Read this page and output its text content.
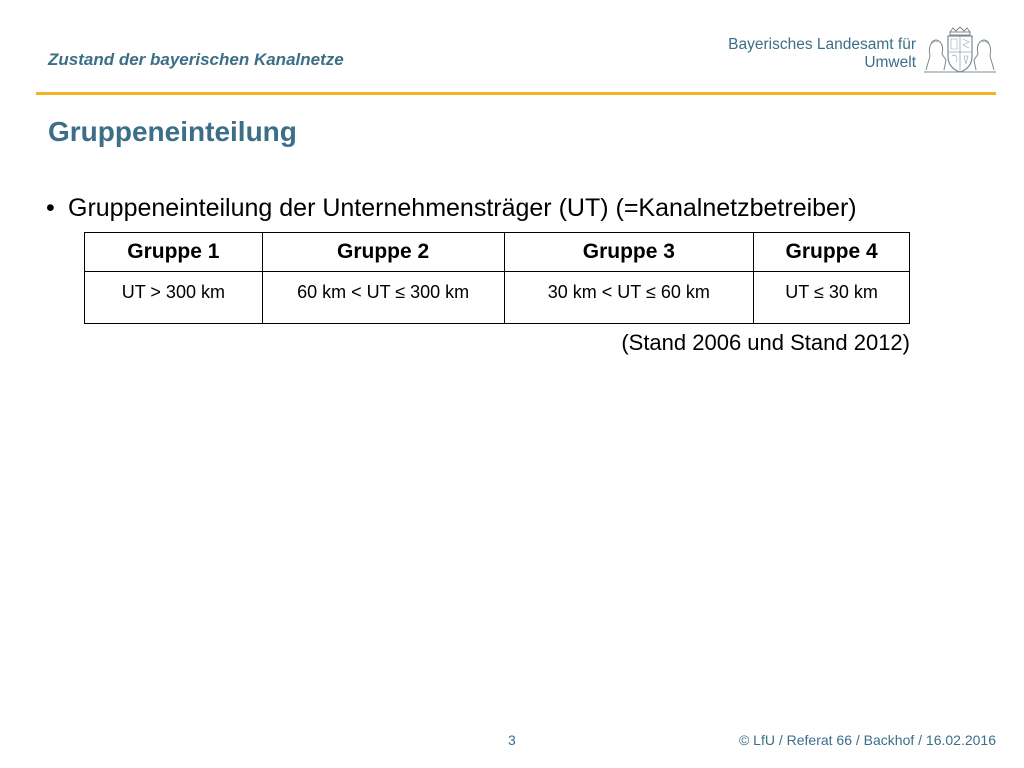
Zustand der bayerischen Kanalnetze
Bayerisches Landesamt für
Umwelt
Gruppeneinteilung
• Gruppeneinteilung der Unternehmensträger (UT) (=Kanalnetzbetreiber)
Gruppe 1	Gruppe 2	Gruppe 3	Gruppe 4
UT > 300 km	60 km < UT ≤ 300 km	30 km < UT ≤ 60 km	UT ≤ 30 km
(Stand 2006 und Stand 2012)
3	© LfU / Referat 66 / Backhof / 16.02.2016
